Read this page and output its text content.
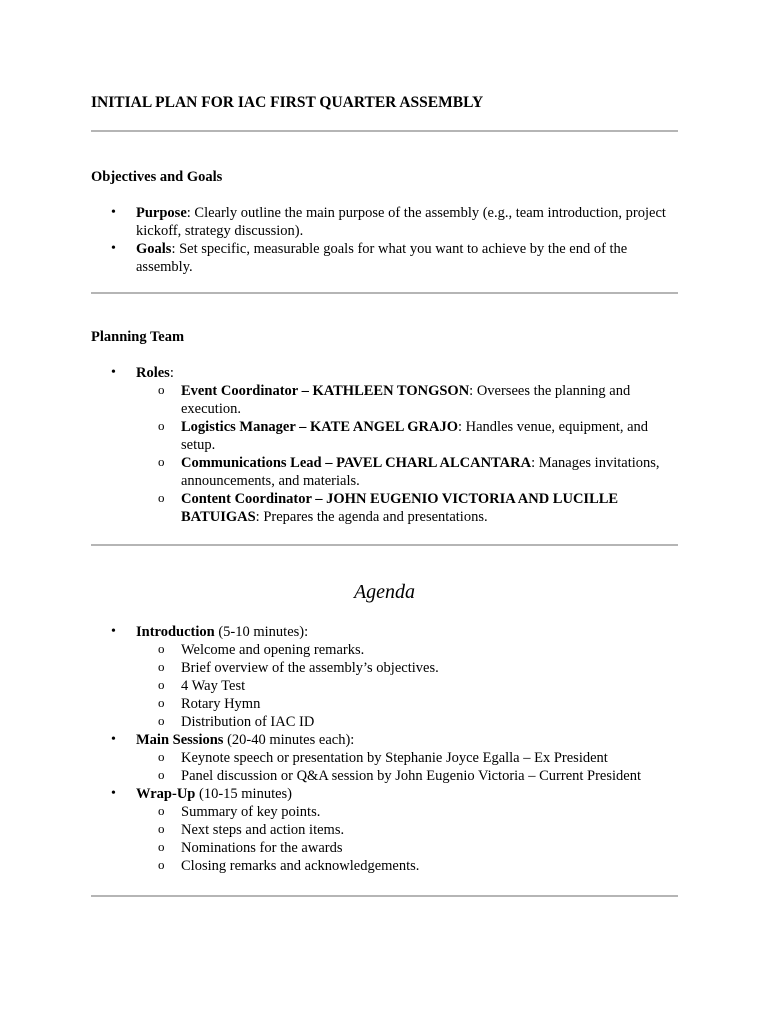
INITIAL PLAN FOR IAC FIRST QUARTER ASSEMBLY
Objectives and Goals
• Purpose: Clearly outline the main purpose of the assembly (e.g., team introduction, project kickoff, strategy discussion).
• Goals: Set specific, measurable goals for what you want to achieve by the end of the assembly.
Planning Team
• Roles:
o Event Coordinator – KATHLEEN TONGSON: Oversees the planning and execution.
o Logistics Manager – KATE ANGEL GRAJO: Handles venue, equipment, and setup.
o Communications Lead – PAVEL CHARL ALCANTARA: Manages invitations, announcements, and materials.
o Content Coordinator – JOHN EUGENIO VICTORIA AND LUCILLE BATUIGAS: Prepares the agenda and presentations.
Agenda
• Introduction (5-10 minutes):
o Welcome and opening remarks.
o Brief overview of the assembly’s objectives.
o 4 Way Test
o Rotary Hymn
o Distribution of IAC ID
• Main Sessions (20-40 minutes each):
o Keynote speech or presentation by Stephanie Joyce Egalla – Ex President
o Panel discussion or Q&A session by John Eugenio Victoria – Current President
• Wrap-Up (10-15 minutes)
o Summary of key points.
o Next steps and action items.
o Nominations for the awards
o Closing remarks and acknowledgements.
